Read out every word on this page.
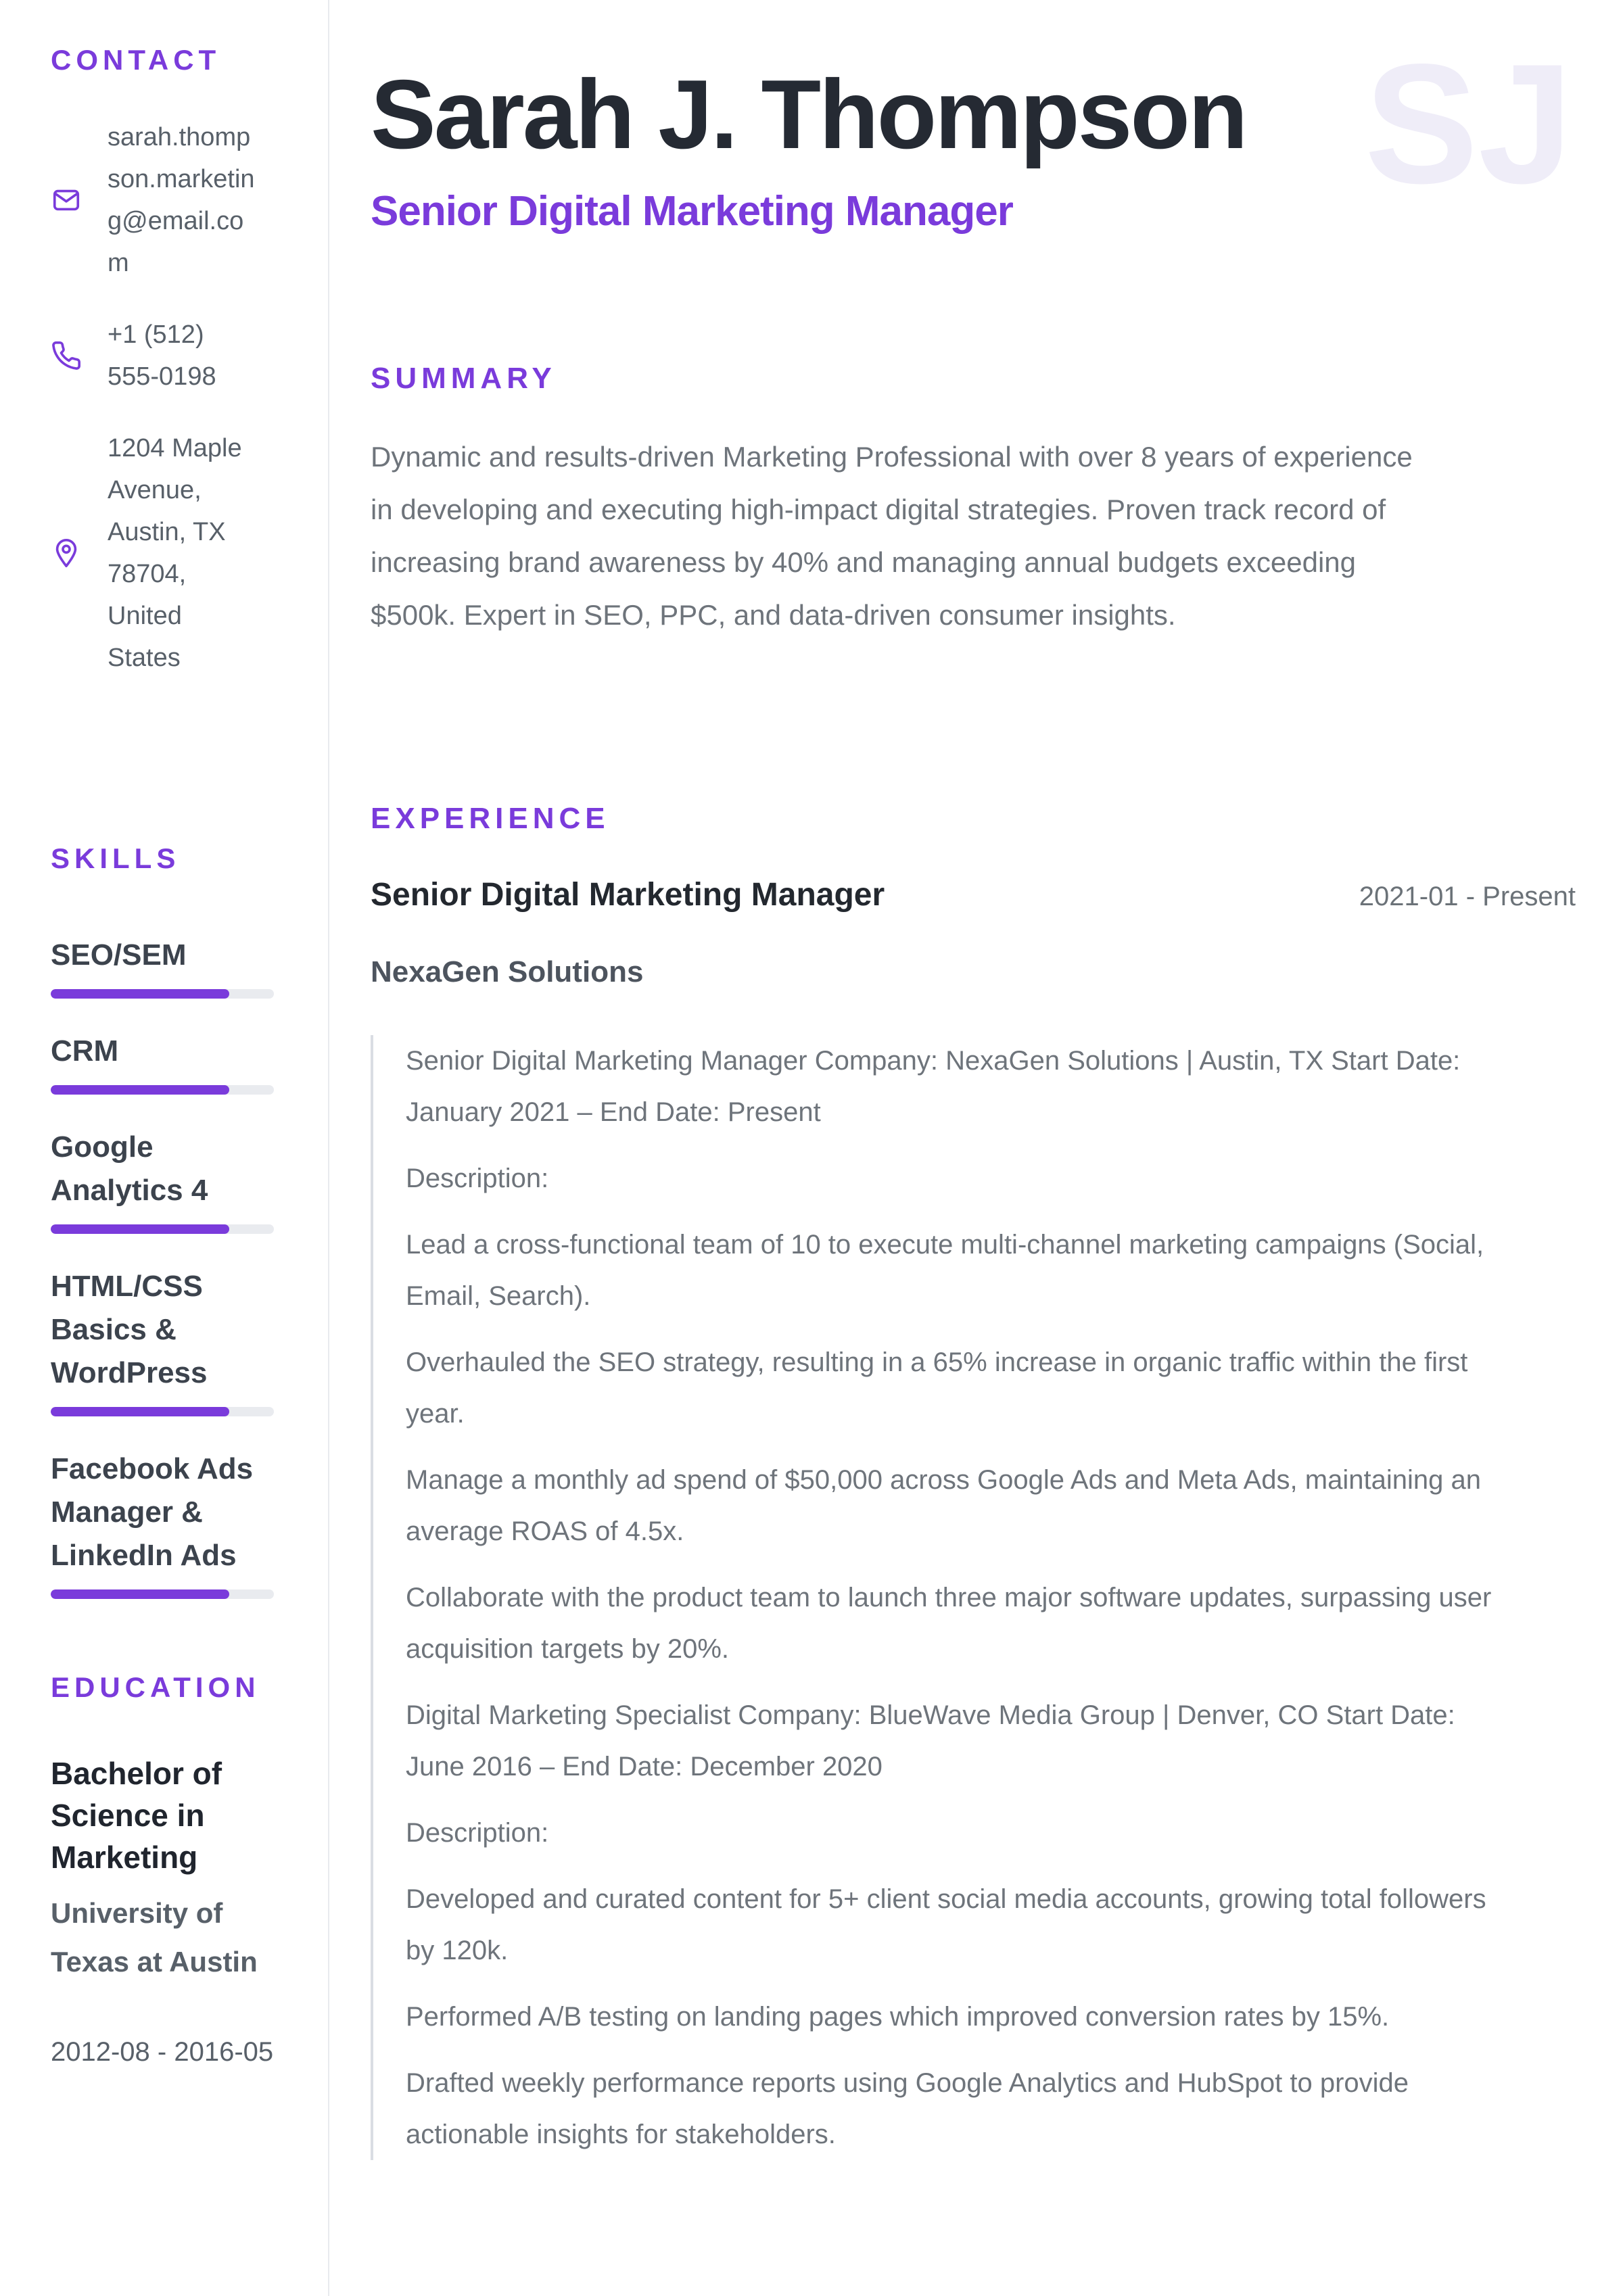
CONTACT
sarah.thompson.marketing@email.com
+1 (512) 555-0198
1204 Maple Avenue, Austin, TX 78704, United States
SKILLS
SEO/SEM
CRM
Google Analytics 4
HTML/CSS Basics & WordPress
Facebook Ads Manager & LinkedIn Ads
EDUCATION
Bachelor of Science in Marketing
University of Texas at Austin
2012-08 - 2016-05
SJ
Sarah J. Thompson
Senior Digital Marketing Manager
SUMMARY

Dynamic and results-driven Marketing Professional with over 8 years of experience in developing and executing high-impact digital strategies. Proven track record of increasing brand awareness by 40% and managing annual budgets exceeding $500k. Expert in SEO, PPC, and data-driven consumer insights.

EXPERIENCE
Senior Digital Marketing Manager	2021-01 - Present
NexaGen Solutions

Senior Digital Marketing Manager Company: NexaGen Solutions | Austin, TX Start Date: January 2021 – End Date: Present

Description:

Lead a cross-functional team of 10 to execute multi-channel marketing campaigns (Social, Email, Search).

Overhauled the SEO strategy, resulting in a 65% increase in organic traffic within the first year.

Manage a monthly ad spend of $50,000 across Google Ads and Meta Ads, maintaining an average ROAS of 4.5x.

Collaborate with the product team to launch three major software updates, surpassing user acquisition targets by 20%.

Digital Marketing Specialist Company: BlueWave Media Group | Denver, CO Start Date: June 2016 – End Date: December 2020

Description:

Developed and curated content for 5+ client social media accounts, growing total followers by 120k.

Performed A/B testing on landing pages which improved conversion rates by 15%.

Drafted weekly performance reports using Google Analytics and HubSpot to provide actionable insights for stakeholders.
